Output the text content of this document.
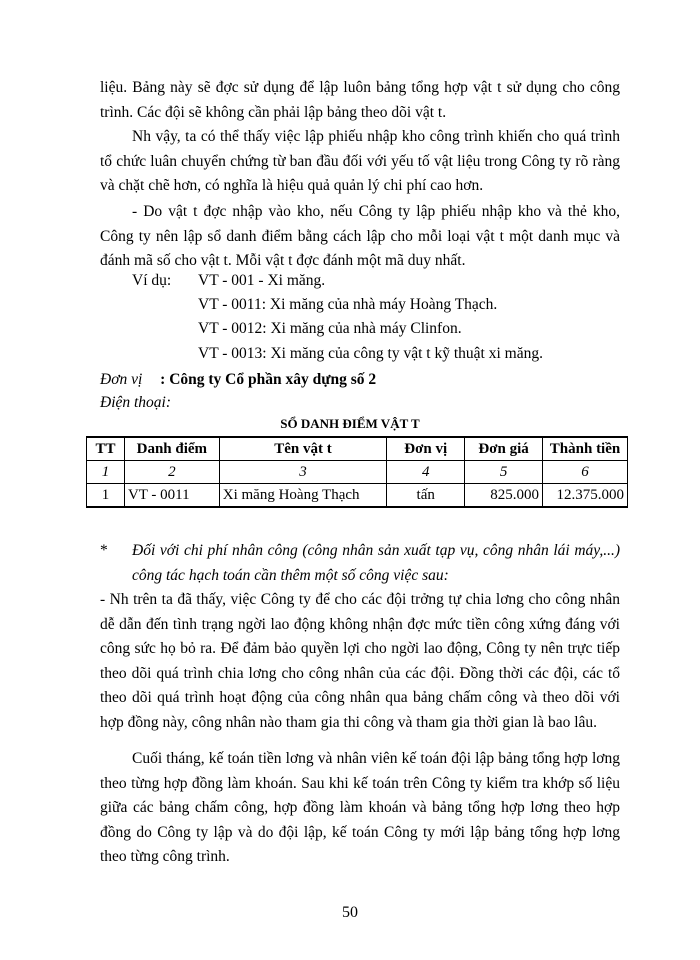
liệu. Bảng này sẽ đợc sử dụng để lập luôn bảng tổng hợp vật t sử dụng cho công trình. Các đội sẽ không cần phải lập bảng theo dõi vật t.

Nh vậy, ta có thể thấy việc lập phiếu nhập kho công trình khiến cho quá trình tổ chức luân chuyển chứng từ ban đầu đối với yếu tố vật liệu trong Công ty rõ ràng và chặt chẽ hơn, có nghĩa là hiệu quả quản lý chi phí cao hơn.

- Do vật t đợc nhập vào kho, nếu Công ty lập phiếu nhập kho và thẻ kho, Công ty nên lập sổ danh điểm bằng cách lập cho mỗi loại vật t một danh mục và đánh mã số cho vật t. Mỗi vật t đợc đánh một mã duy nhất.

Ví dụ: VT - 001 - Xi măng.
VT - 0011: Xi măng của nhà máy Hoàng Thạch.
VT - 0012: Xi măng của nhà máy Clinfon.
VT - 0013: Xi măng của công ty vật t kỹ thuật xi măng.
Đơn vị : Công ty Cổ phần xây dựng số 2
Điện thoại:
SỔ DANH ĐIỂM VẬT T
TT	Danh điểm	Tên vật t	Đơn vị	Đơn giá	Thành tiền
1	2	3	4	5	6
1	VT - 0011	Xi măng Hoàng Thạch	tấn	825.000	12.375.000
* Đối với chi phí nhân công (công nhân sản xuất tạp vụ, công nhân lái máy,...) công tác hạch toán cần thêm một số công việc sau:

- Nh trên ta đã thấy, việc Công ty để cho các đội trởng tự chia lơng cho công nhân dễ dẫn đến tình trạng ngời lao động không nhận đợc mức tiền công xứng đáng với công sức họ bỏ ra. Để đảm bảo quyền lợi cho ngời lao động, Công ty nên trực tiếp theo dõi quá trình chia lơng cho công nhân của các đội. Đồng thời các đội, các tổ theo dõi quá trình hoạt động của công nhân qua bảng chấm công và theo dõi với hợp đồng này, công nhân nào tham gia thi công và tham gia thời gian là bao lâu.

Cuối tháng, kế toán tiền lơng và nhân viên kế toán đội lập bảng tổng hợp lơng theo từng hợp đồng làm khoán. Sau khi kế toán trên Công ty kiểm tra khớp số liệu giữa các bảng chấm công, hợp đồng làm khoán và bảng tổng hợp lơng theo hợp đồng do Công ty lập và do đội lập, kế toán Công ty mới lập bảng tổng hợp lơng theo từng công trình.

50
